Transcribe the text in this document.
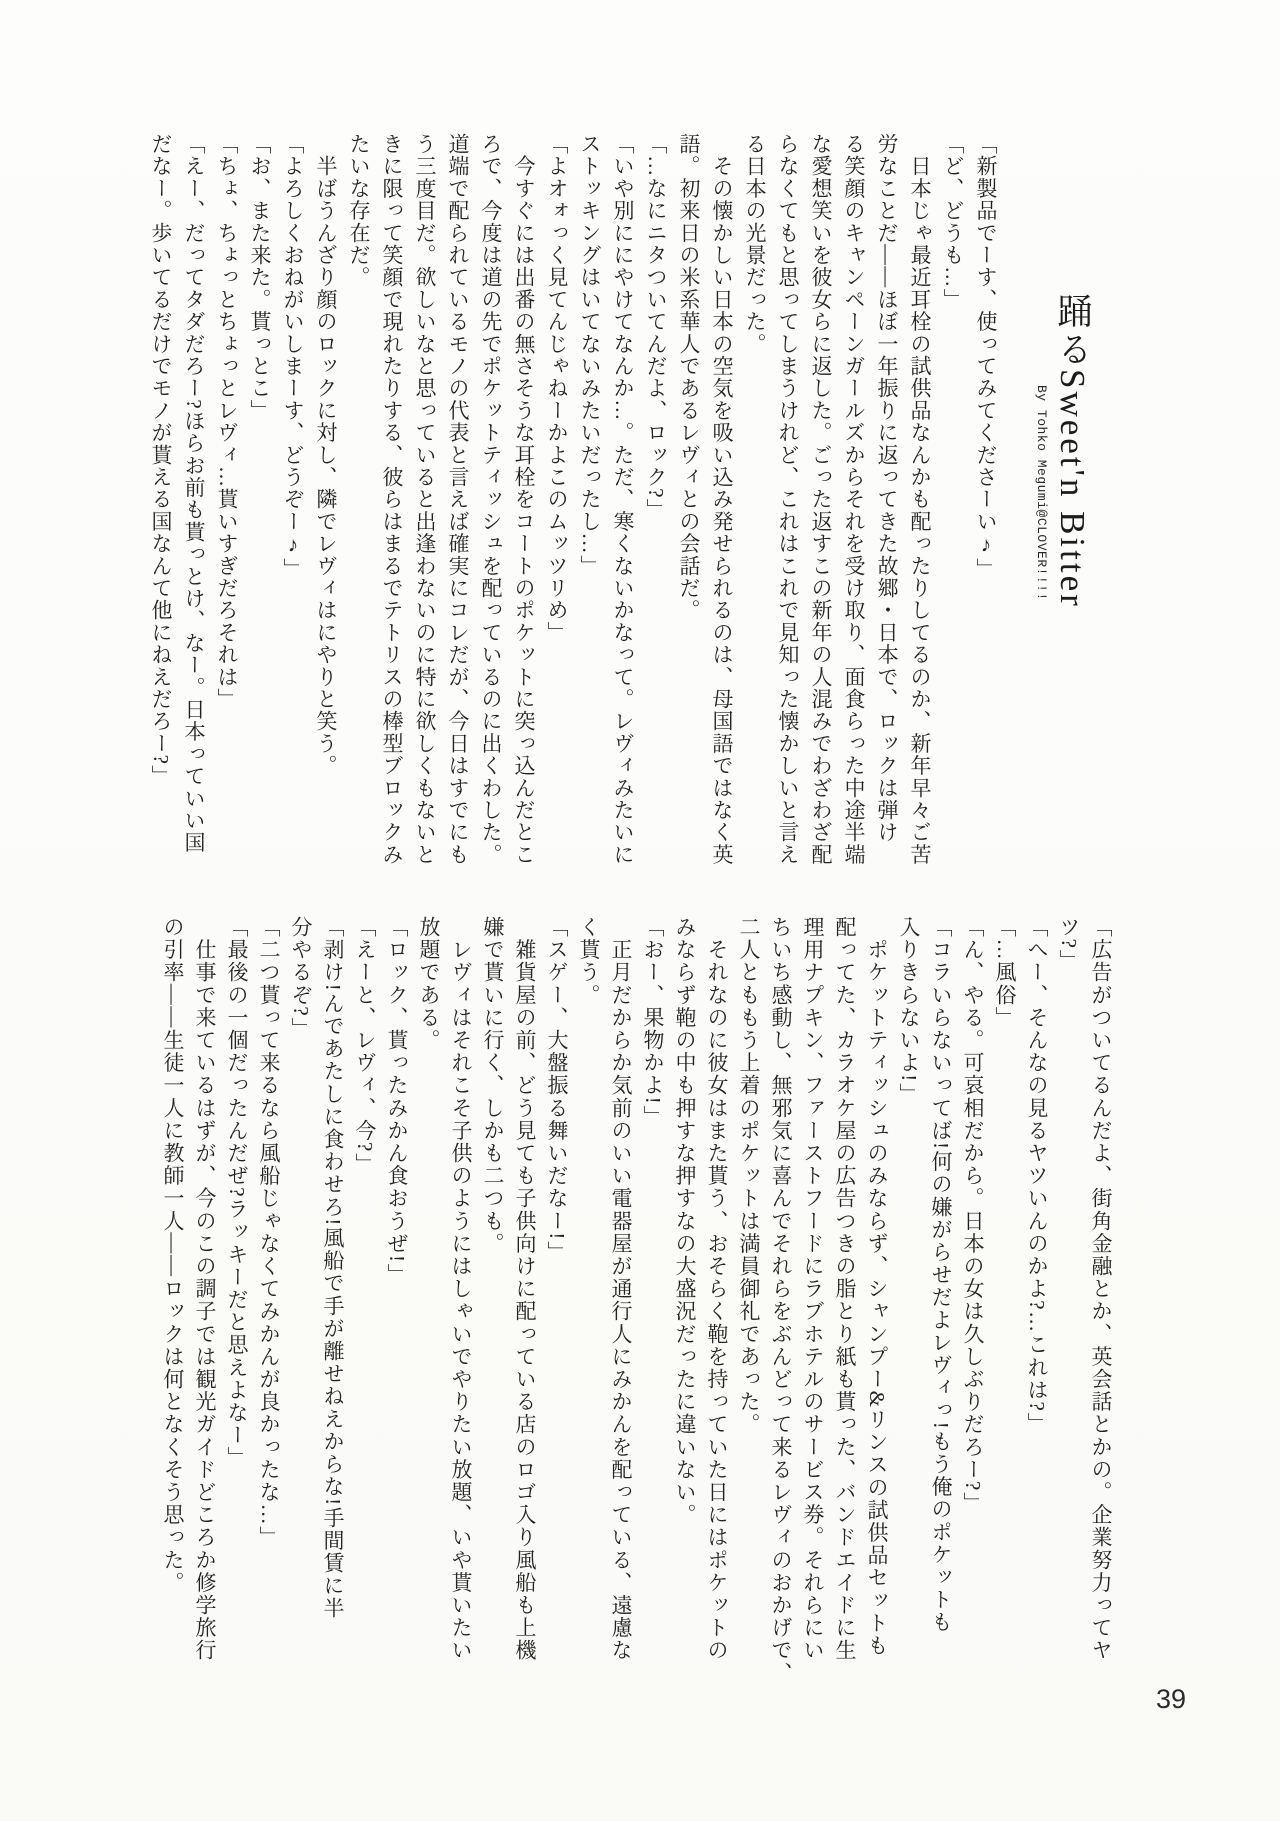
踊るSweet'n Bitter
By Tohko Megumi@CLOVER!!!!
「新製品でーす、使ってみてくださーい♪」
「ど、どうも…」
　日本じゃ最近耳栓の試供品なんかも配ったりしてるのか、新年早々ご苦
労なことだ――ほぼ一年振りに返ってきた故郷・日本で、ロックは弾け
る笑顔のキャンペーンガールズからそれを受け取り、面食らった中途半端
な愛想笑いを彼女らに返した。ごった返すこの新年の人混みでわざわざ配
らなくてもと思ってしまうけれど、これはこれで見知った懐かしいと言え
る日本の光景だった。
　その懐かしい日本の空気を吸い込み発せられるのは、母国語ではなく英
語。初来日の米系華人であるレヴィとの会話だ。
「…なにニタついてんだよ、ロック?」
「いや別ににやけてなんか…。ただ、寒くないかなって。レヴィみたいに
ストッキングはいてないみたいだったし…」
「よオォっく見てんじゃねーかよこのムッツリめ」
　今すぐには出番の無さそうな耳栓をコートのポケットに突っ込んだとこ
ろで、今度は道の先でポケットティッシュを配っているのに出くわした。
道端で配られているモノの代表と言えば確実にコレだが、今日はすでにも
う三度目だ。欲しいなと思っていると出逢わないのに特に欲しくもないと
きに限って笑顔で現れたりする、彼らはまるでテトリスの棒型ブロックみ
たいな存在だ。
　半ばうんざり顔のロックに対し、隣でレヴィはにやりと笑う。
「よろしくおねがいしまーす、どうぞー♪」
「お、また来た。貰っとこ」
「ちょ、ちょっとちょっとレヴィ…貰いすぎだろそれは」
「えー、だってタダだろー?ほらお前も貰っとけ、なー。日本っていい国
だなー。歩いてるだけでモノが貰える国なんて他にねえだろー?」
「広告がついてるんだよ、街角金融とか、英会話とかの。企業努力ってヤ
ツ?」
「へー、そんなの見るヤツいんのかよ?…これは?」
「…風俗」
「ん、やる。可哀相だから。日本の女は久しぶりだろー?」
「コラいらないってば!何の嫌がらせだよレヴィっ!もう俺のポケットも
入りきらないよ!」
　ポケットティッシュのみならず、シャンプー&リンスの試供品セットも
配ってた、カラオケ屋の広告つきの脂とり紙も貰った、バンドエイドに生
理用ナプキン、ファーストフードにラブホテルのサービス券。それらにい
ちいち感動し、無邪気に喜んでそれらをぶんどって来るレヴィのおかげで、
二人とももう上着のポケットは満員御礼であった。
　それなのに彼女はまた貰う、おそらく鞄を持っていた日にはポケットの
みならず鞄の中も押すな押すなの大盛況だったに違いない。
「おー、果物かよ!」
　正月だからか気前のいい電器屋が通行人にみかんを配っている、遠慮な
く貰う。
「スゲー、大盤振る舞いだなー!」
　雑貨屋の前、どう見ても子供向けに配っている店のロゴ入り風船も上機
嫌で貰いに行く、しかも二つも。
　レヴィはそれこそ子供のようにはしゃいでやりたい放題、いや貰いたい
放題である。
「ロック、貰ったみかん食おうぜ!」
「えーと、レヴィ、今?」
「剥け!んであたしに食わせろ!風船で手が離せねえからな!手間賃に半
分やるぞ?」
「二つ貰って来るなら風船じゃなくてみかんが良かったな…」
「最後の一個だったんだぜ?ラッキーだと思えよなー」
　仕事で来ているはずが、今のこの調子では観光ガイドどころか修学旅行
の引率――生徒一人に教師一人――ロックは何となくそう思った。
39
